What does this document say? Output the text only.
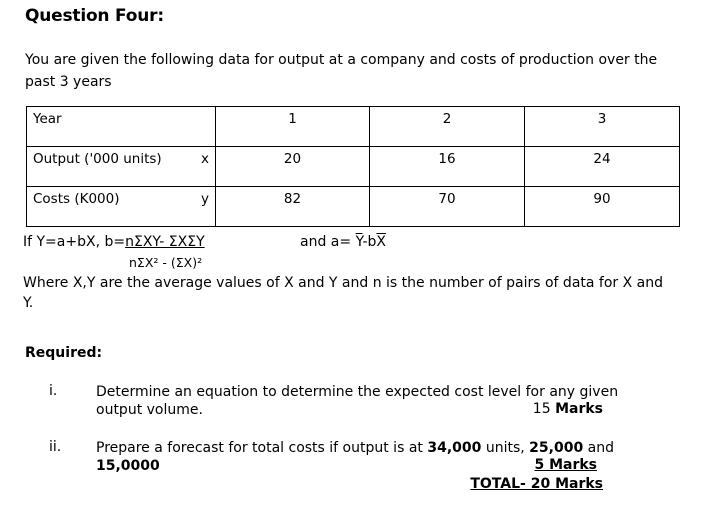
Question Four:
You are given the following data for output at a company and costs of production over the past 3 years
Year	1	2	3
Output ('000 units) x	20	16	24
Costs (K000) y	82	70	90
If Y=a+bX, b=nΣXY- ΣXΣY	and $a= \overline{Y}-b\overline{X}$
nΣX² - (ΣX)²
Where X,Y are the average values of X and Y and n is the number of pairs of data for X and Y.
Required:
i.	Determine an equation to determine the expected cost level for any given
output volume.	15 Marks
ii. Prepare a forecast for total costs if output is at 34,000 units, 25,000 and
15,0000	5 Marks
TOTAL- 20 Marks
